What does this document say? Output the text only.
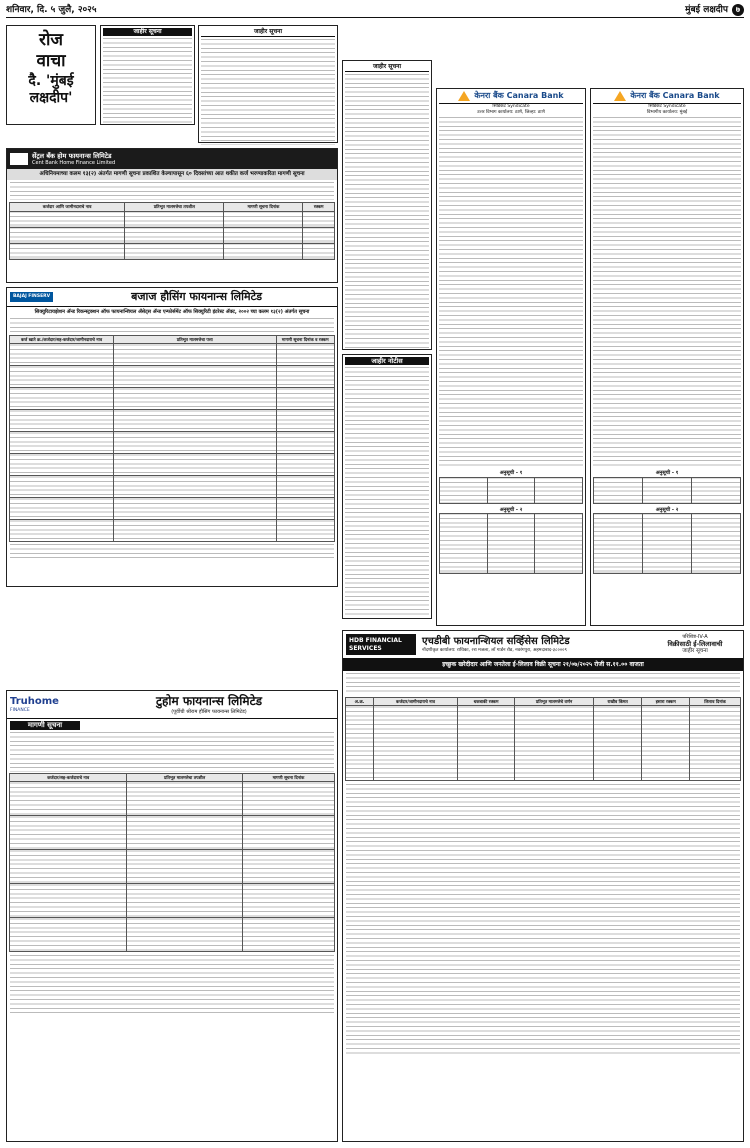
शनिवार, दि. ५ जुलै, २०२५	मुंबई लक्षदीप ७
रोज
वाचा
दै. 'मुंबई
लक्षदीप'
जाहीर सूचना	जाहीर सूचना
सेंट्रल बँक होम फायनान्स लिमिटेड
Cent Bank Home Finance Limited
अधिनियमाच्या कलम १३(२) अंतर्गत मागणी सूचना प्रकाशित केल्यापासून ६० दिवसांच्या आत थकीत कर्ज भरण्याकरिता मागणी सूचना
कर्जदार आणि जामीनदाराचे नाव	प्रतिभूत मालमत्तेचा तपशील	मागणी सूचना दिनांक	रक्कम

BAJAJ FINSERV	बजाज हौसिंग फायनान्स लिमिटेड
सिक्युरिटायझेशन ॲन्ड रिकन्स्ट्रक्शन ऑफ फायनान्शियल ॲसेट्स ॲन्ड एन्फोर्समेंट ऑफ सिक्युरिटी इंटरेस्ट ॲक्ट, २००२ च्या कलम १३(२) अंतर्गत सूचना
कर्ज खाते क्र./कर्जदार/सह-कर्जदार/जामीनदाराचे नाव	प्रतिभूत मालमत्तेचा पत्ता	मागणी सूचना दिनांक व रक्कम

जाहीर सूचना
जाहीर नोटीस
केनरा बैंक Canara Bank
सिंडिकेट Syndicate
उत्तर विभाग कार्यालय: ठाणे, जिल्हा: ठाणे
अनुसूची - १

अनुसूची - २

केनरा बैंक Canara Bank
सिंडिकेट Syndicate
विभागीय कार्यालय: मुंबई
अनुसूची - १

अनुसूची - २

Truhome
FINANCE
टुहोम फायनान्स लिमिटेड
(पूर्वीची श्रीराम हौसिंग फायनान्स लिमिटेड)
मागणी सूचना
कर्जदार/सह-कर्जदाराचे नाव	प्रतिभूत मालमत्तेचा तपशील	मागणी सूचना दिनांक

HDB FINANCIAL SERVICES
एचडीबी फायनान्शियल सर्व्हिसेस लिमिटेड
नोंदणीकृत कार्यालय: राधिका, २रा मजला, लॉ गार्डन रोड, नवरंगपुरा, अहमदाबाद-३८०००९
परिशिष्ट-IV-A
विक्रीसाठी ई-लिलावाची
जाहीर सूचना
इच्छुक खरेदीदार आणि जनतेला ई-लिलाव विक्री सूचना २१/०७/२०२५ रोजी स.११.०० वाजता
अ.क्र.	कर्जदार/जामीनदाराचे नाव	थकबाकी रक्कम	प्रतिभूत मालमत्तेचे वर्णन	राखीव किंमत	इसारा रक्कम	लिलाव दिनांक
